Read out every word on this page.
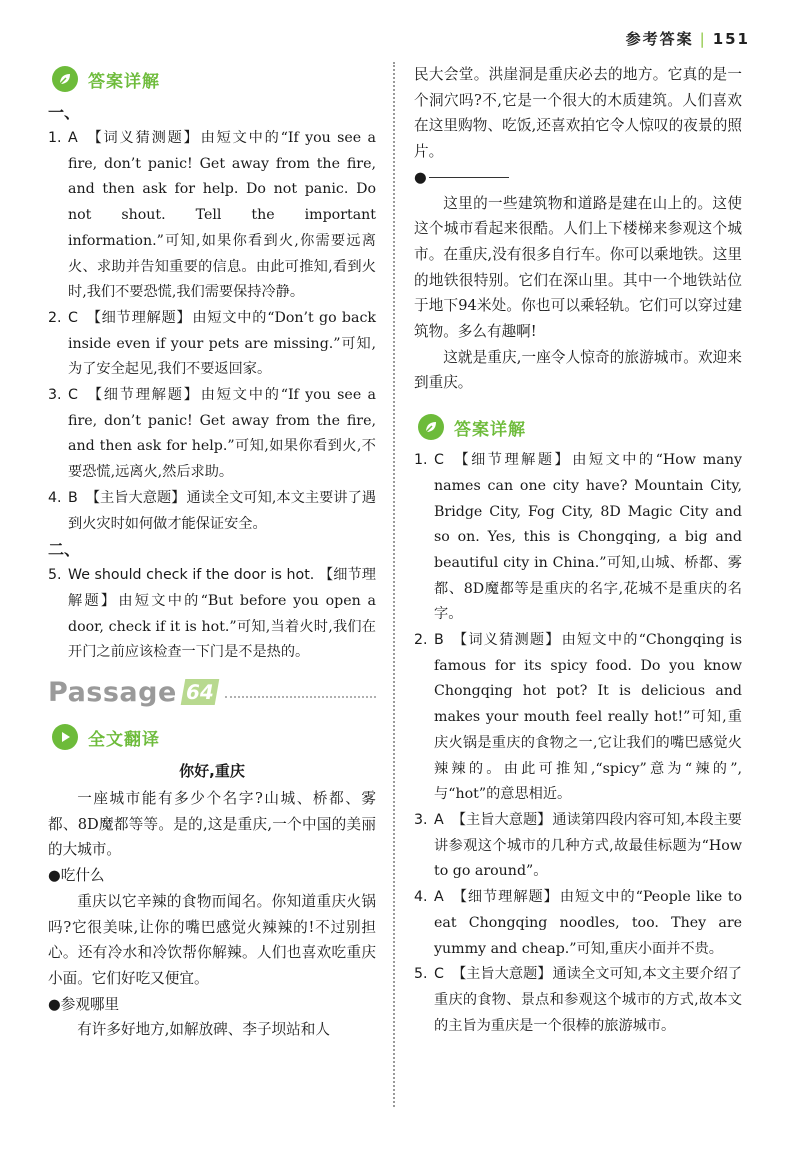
参考答案 | 151
答案详解
一、
1. A 【词义猜测题】由短文中的“If you see a fire, don’t panic! Get away from the fire, and then ask for help. Do not panic. Do not shout. Tell the important information.”可知,如果你看到火,你需要远离火、求助并告知重要的信息。由此可推知,看到火时,我们不要恐慌,我们需要保持冷静。
2. C 【细节理解题】由短文中的“Don’t go back inside even if your pets are missing.”可知,为了安全起见,我们不要返回家。
3. C 【细节理解题】由短文中的“If you see a fire, don’t panic! Get away from the fire, and then ask for help.”可知,如果你看到火,不要恐慌,远离火,然后求助。
4. B 【主旨大意题】通读全文可知,本文主要讲了遇到火灾时如何做才能保证安全。
二、
5. We should check if the door is hot. 【细节理解题】由短文中的“But before you open a door, check if it is hot.”可知,当着火时,我们在开门之前应该检查一下门是不是热的。
Passage 64
全文翻译
你好,重庆

一座城市能有多少个名字?山城、桥都、雾都、8D魔都等等。是的,这是重庆,一个中国的美丽的大城市。

●吃什么

重庆以它辛辣的食物而闻名。你知道重庆火锅吗?它很美味,让你的嘴巴感觉火辣辣的!不过别担心。还有冷水和冷饮帮你解辣。人们也喜欢吃重庆小面。它们好吃又便宜。

●参观哪里

有许多好地方,如解放碑、李子坝站和人

民大会堂。洪崖洞是重庆必去的地方。它真的是一个洞穴吗?不,它是一个很大的木质建筑。人们喜欢在这里购物、吃饭,还喜欢拍它令人惊叹的夜景的照片。

●

这里的一些建筑物和道路是建在山上的。这使这个城市看起来很酷。人们上下楼梯来参观这个城市。在重庆,没有很多自行车。你可以乘地铁。这里的地铁很特别。它们在深山里。其中一个地铁站位于地下94米处。你也可以乘轻轨。它们可以穿过建筑物。多么有趣啊!

这就是重庆,一座令人惊奇的旅游城市。欢迎来到重庆。

答案详解
1. C 【细节理解题】由短文中的“How many names can one city have? Mountain City, Bridge City, Fog City, 8D Magic City and so on. Yes, this is Chongqing, a big and beautiful city in China.”可知,山城、桥都、雾都、8D魔都等是重庆的名字,花城不是重庆的名字。
2. B 【词义猜测题】由短文中的“Chongqing is famous for its spicy food. Do you know Chongqing hot pot? It is delicious and makes your mouth feel really hot!”可知,重庆火锅是重庆的食物之一,它让我们的嘴巴感觉火辣辣的。由此可推知,“spicy”意为“辣的”,与“hot”的意思相近。
3. A 【主旨大意题】通读第四段内容可知,本段主要讲参观这个城市的几种方式,故最佳标题为“How to go around”。
4. A 【细节理解题】由短文中的“People like to eat Chongqing noodles, too. They are yummy and cheap.”可知,重庆小面并不贵。
5. C 【主旨大意题】通读全文可知,本文主要介绍了重庆的食物、景点和参观这个城市的方式,故本文的主旨为重庆是一个很棒的旅游城市。
